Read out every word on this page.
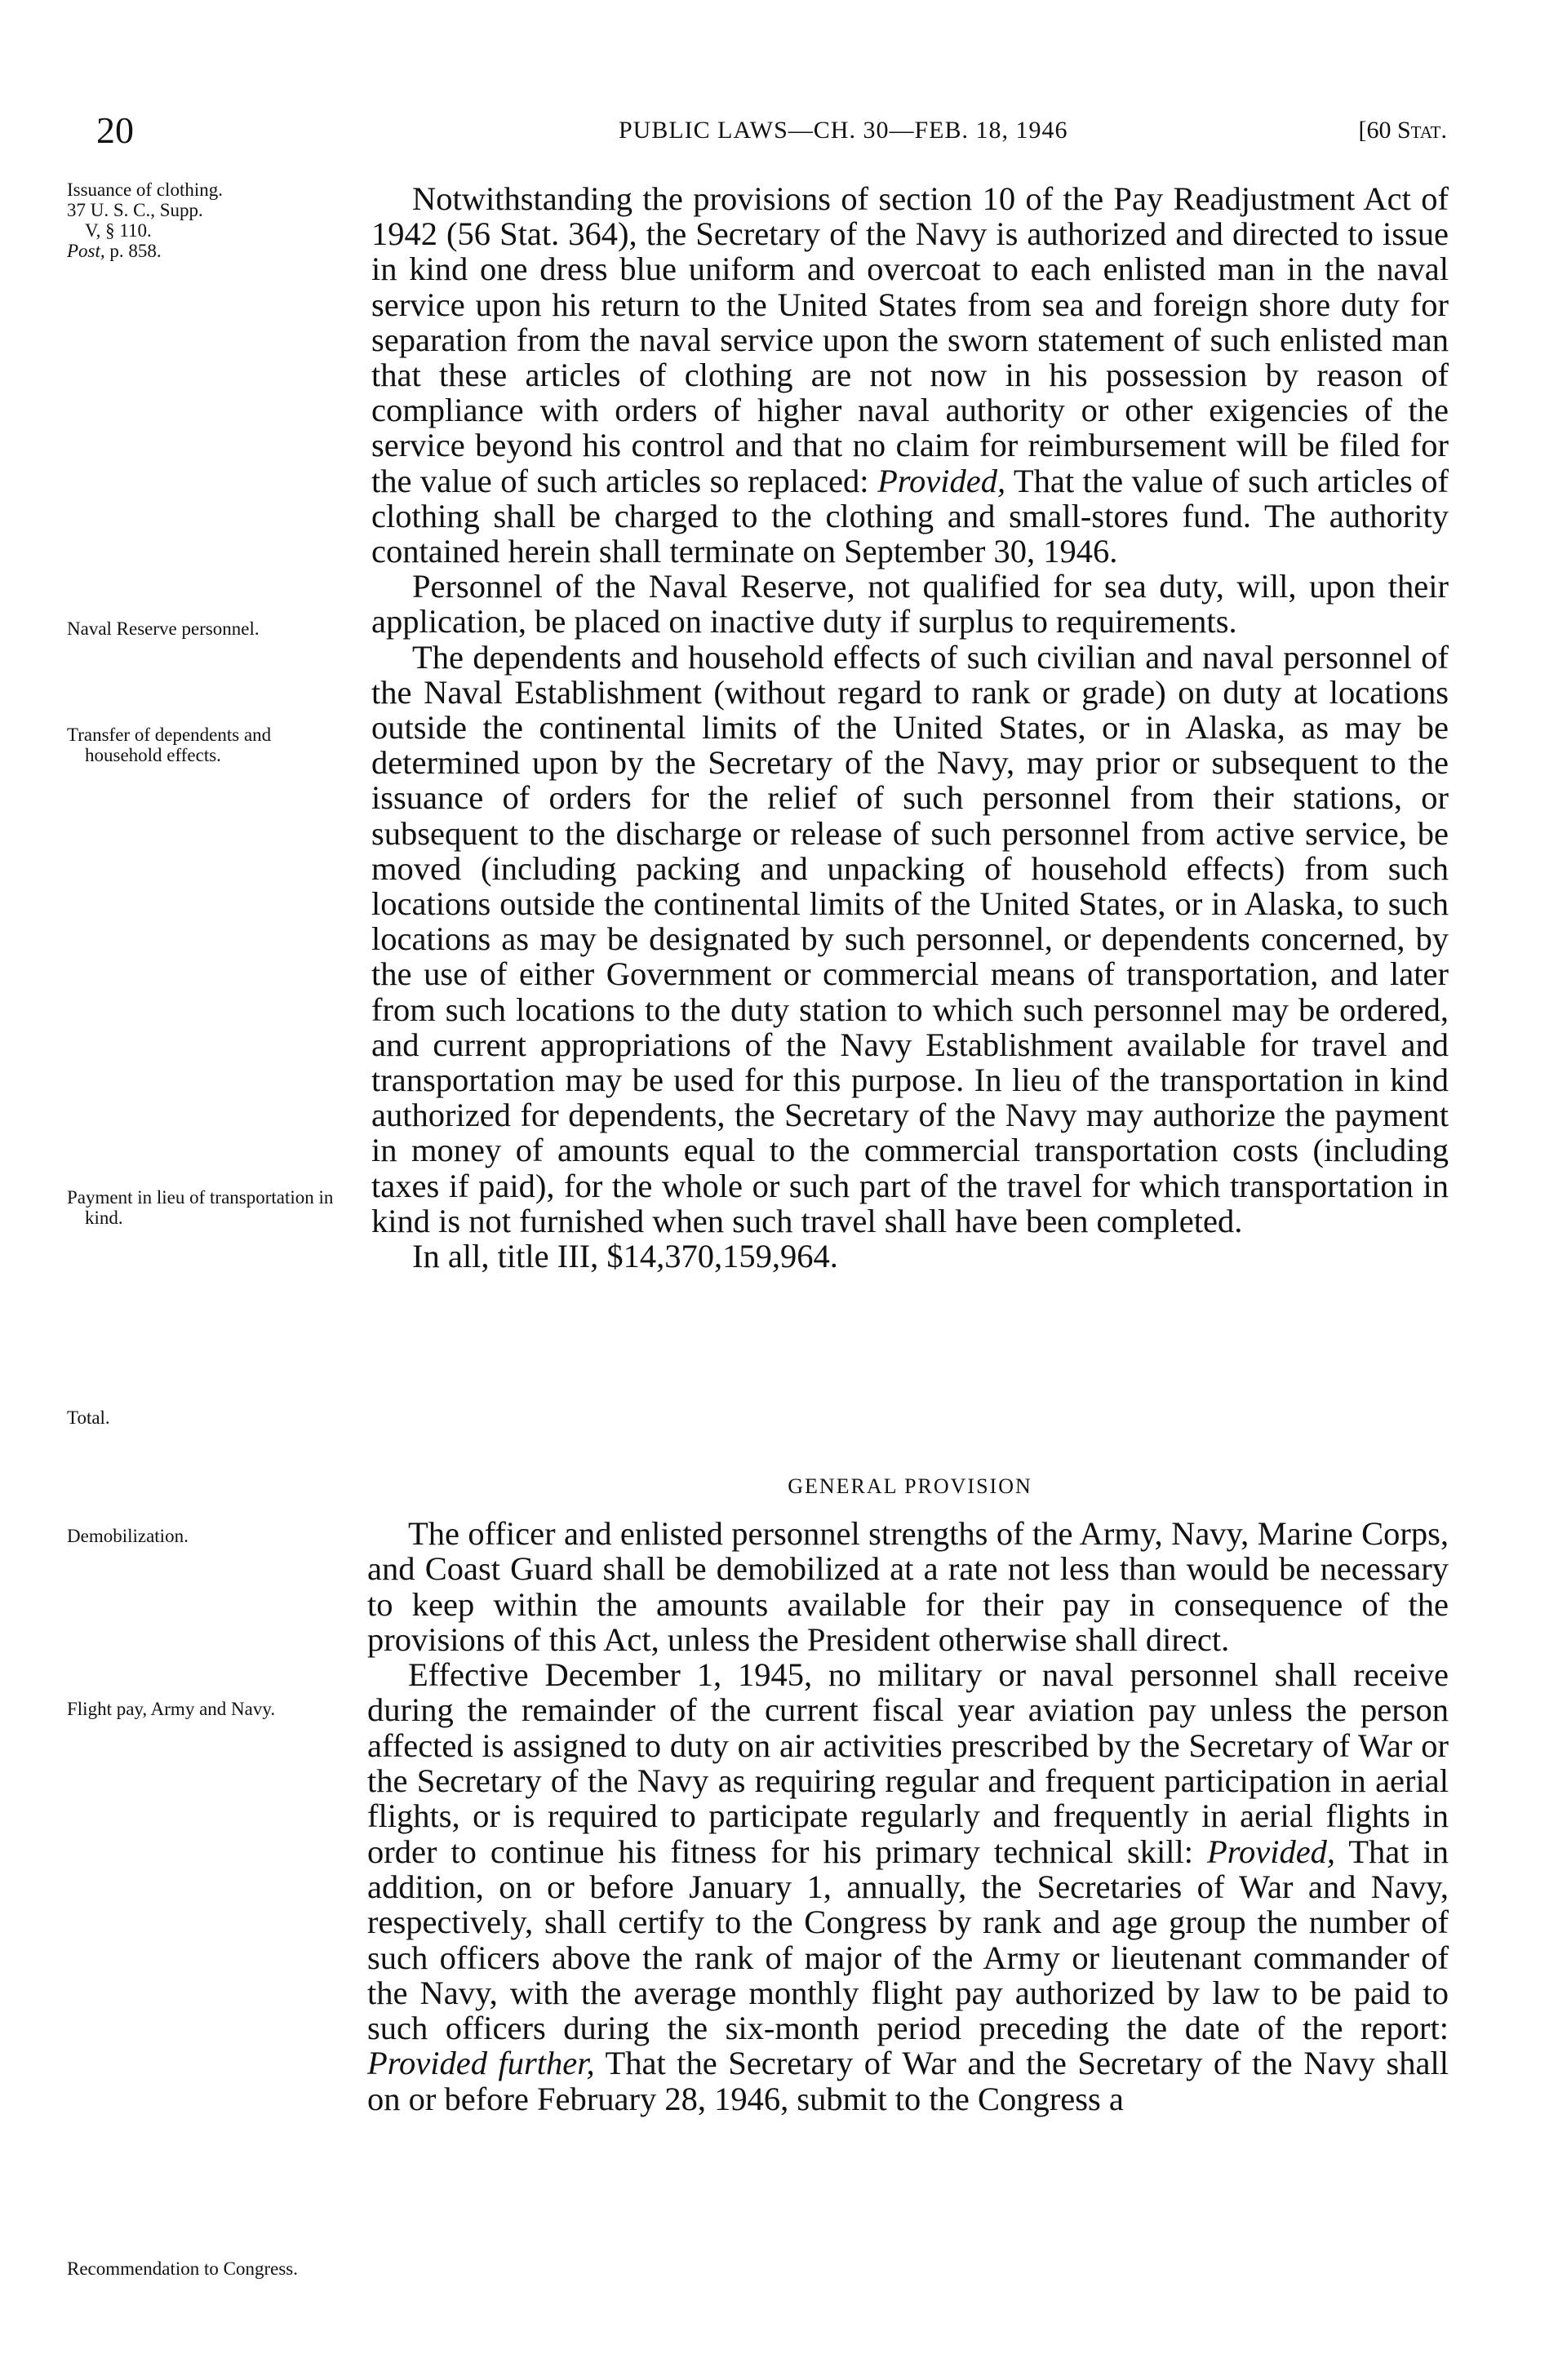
20	PUBLIC LAWS—CH. 30—FEB. 18, 1946	[60 Stat.
Issuance of clothing.
37 U. S. C., Supp.
V, § 110.
Post, p. 858.
Naval Reserve personnel.
Transfer of dependents and household effects.
Payment in lieu of transportation in kind.
Total.
Demobilization.
Flight pay, Army and Navy.
Recommendation to Congress.

Notwithstanding the provisions of section 10 of the Pay Readjustment Act of 1942 (56 Stat. 364), the Secretary of the Navy is authorized and directed to issue in kind one dress blue uniform and overcoat to each enlisted man in the naval service upon his return to the United States from sea and foreign shore duty for separation from the naval service upon the sworn statement of such enlisted man that these articles of clothing are not now in his possession by reason of compliance with orders of higher naval authority or other exigencies of the service beyond his control and that no claim for reimbursement will be filed for the value of such articles so replaced: Provided, That the value of such articles of clothing shall be charged to the clothing and small-stores fund. The authority contained herein shall terminate on September 30, 1946.

Personnel of the Naval Reserve, not qualified for sea duty, will, upon their application, be placed on inactive duty if surplus to requirements.

The dependents and household effects of such civilian and naval personnel of the Naval Establishment (without regard to rank or grade) on duty at locations outside the continental limits of the United States, or in Alaska, as may be determined upon by the Secretary of the Navy, may prior or subsequent to the issuance of orders for the relief of such personnel from their stations, or subsequent to the discharge or release of such personnel from active service, be moved (including packing and unpacking of household effects) from such locations outside the continental limits of the United States, or in Alaska, to such locations as may be designated by such personnel, or dependents concerned, by the use of either Government or commercial means of transportation, and later from such locations to the duty station to which such personnel may be ordered, and current appropriations of the Navy Establishment available for travel and transportation may be used for this purpose. In lieu of the transportation in kind authorized for dependents, the Secretary of the Navy may authorize the payment in money of amounts equal to the commercial transportation costs (including taxes if paid), for the whole or such part of the travel for which transportation in kind is not furnished when such travel shall have been completed.

In all, title III, $14,370,159,964.

GENERAL PROVISION

The officer and enlisted personnel strengths of the Army, Navy, Marine Corps, and Coast Guard shall be demobilized at a rate not less than would be necessary to keep within the amounts available for their pay in consequence of the provisions of this Act, unless the President otherwise shall direct.

Effective December 1, 1945, no military or naval personnel shall receive during the remainder of the current fiscal year aviation pay unless the person affected is assigned to duty on air activities prescribed by the Secretary of War or the Secretary of the Navy as requiring regular and frequent participation in aerial flights, or is required to participate regularly and frequently in aerial flights in order to continue his fitness for his primary technical skill: Provided, That in addition, on or before January 1, annually, the Secretaries of War and Navy, respectively, shall certify to the Congress by rank and age group the number of such officers above the rank of major of the Army or lieutenant commander of the Navy, with the average monthly flight pay authorized by law to be paid to such officers during the six-month period preceding the date of the report: Provided further, That the Secretary of War and the Secretary of the Navy shall on or before February 28, 1946, submit to the Congress a
